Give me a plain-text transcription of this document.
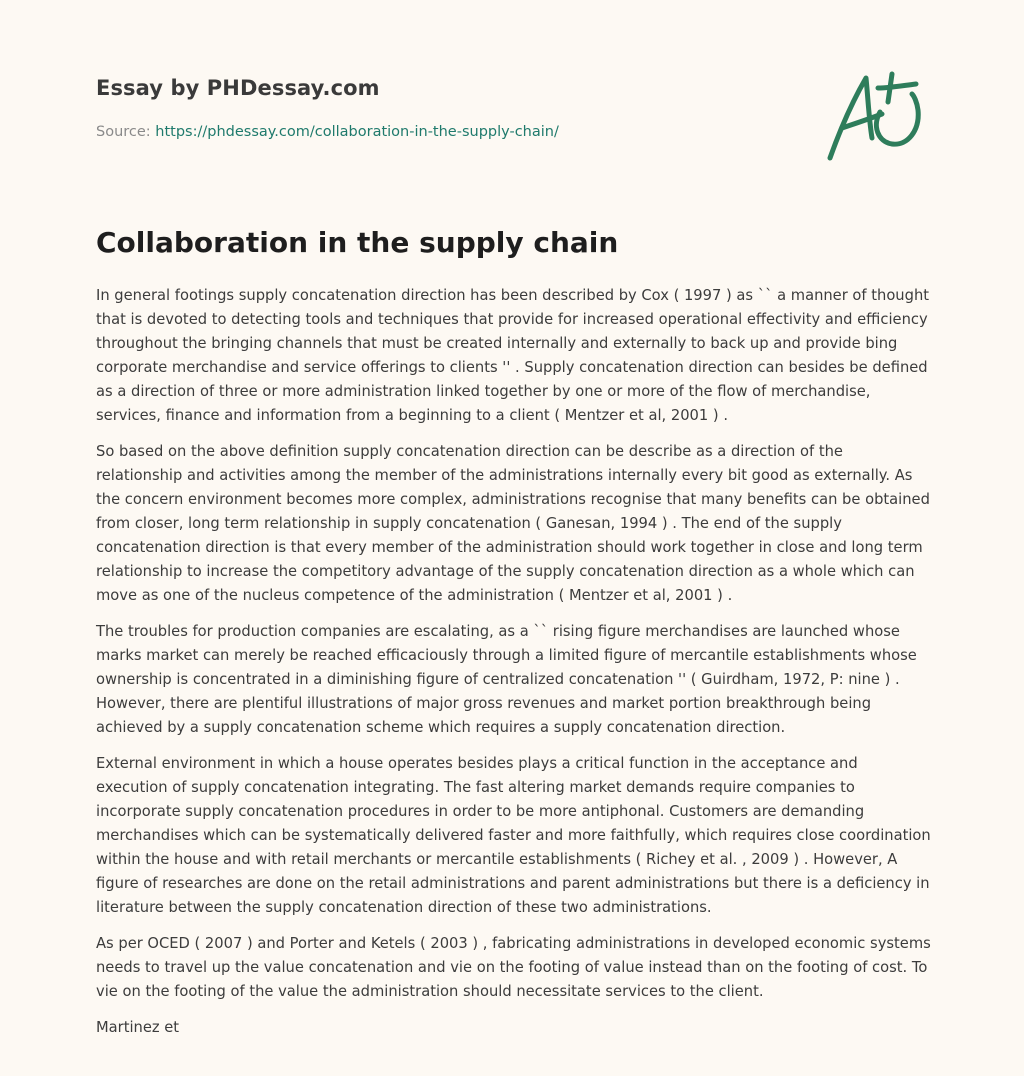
Essay by PHDessay.com
Source: https://phdessay.com/collaboration-in-the-supply-chain/
Collaboration in the supply chain

In general footings supply concatenation direction has been described by Cox ( 1997 ) as `` a manner of thought that is devoted to detecting tools and techniques that provide for increased operational effectivity and efficiency throughout the bringing channels that must be created internally and externally to back up and provide bing corporate merchandise and service offerings to clients '' . Supply concatenation direction can besides be defined as a direction of three or more administration linked together by one or more of the flow of merchandise, services, finance and information from a beginning to a client ( Mentzer et al, 2001 ) .

So based on the above definition supply concatenation direction can be describe as a direction of the relationship and activities among the member of the administrations internally every bit good as externally. As the concern environment becomes more complex, administrations recognise that many benefits can be obtained from closer, long term relationship in supply concatenation ( Ganesan, 1994 ) . The end of the supply concatenation direction is that every member of the administration should work together in close and long term relationship to increase the competitory advantage of the supply concatenation direction as a whole which can move as one of the nucleus competence of the administration ( Mentzer et al, 2001 ) .

The troubles for production companies are escalating, as a `` rising figure merchandises are launched whose marks market can merely be reached efficaciously through a limited figure of mercantile establishments whose ownership is concentrated in a diminishing figure of centralized concatenation '' ( Guirdham, 1972, P: nine ) . However, there are plentiful illustrations of major gross revenues and market portion breakthrough being achieved by a supply concatenation scheme which requires a supply concatenation direction.

External environment in which a house operates besides plays a critical function in the acceptance and execution of supply concatenation integrating. The fast altering market demands require companies to incorporate supply concatenation procedures in order to be more antiphonal. Customers are demanding merchandises which can be systematically delivered faster and more faithfully, which requires close coordination within the house and with retail merchants or mercantile establishments ( Richey et al. , 2009 ) . However, A figure of researches are done on the retail administrations and parent administrations but there is a deficiency in literature between the supply concatenation direction of these two administrations.

As per OCED ( 2007 ) and Porter and Ketels ( 2003 ) , fabricating administrations in developed economic systems needs to travel up the value concatenation and vie on the footing of value instead than on the footing of cost. To vie on the footing of the value the administration should necessitate services to the client.

Martinez et
